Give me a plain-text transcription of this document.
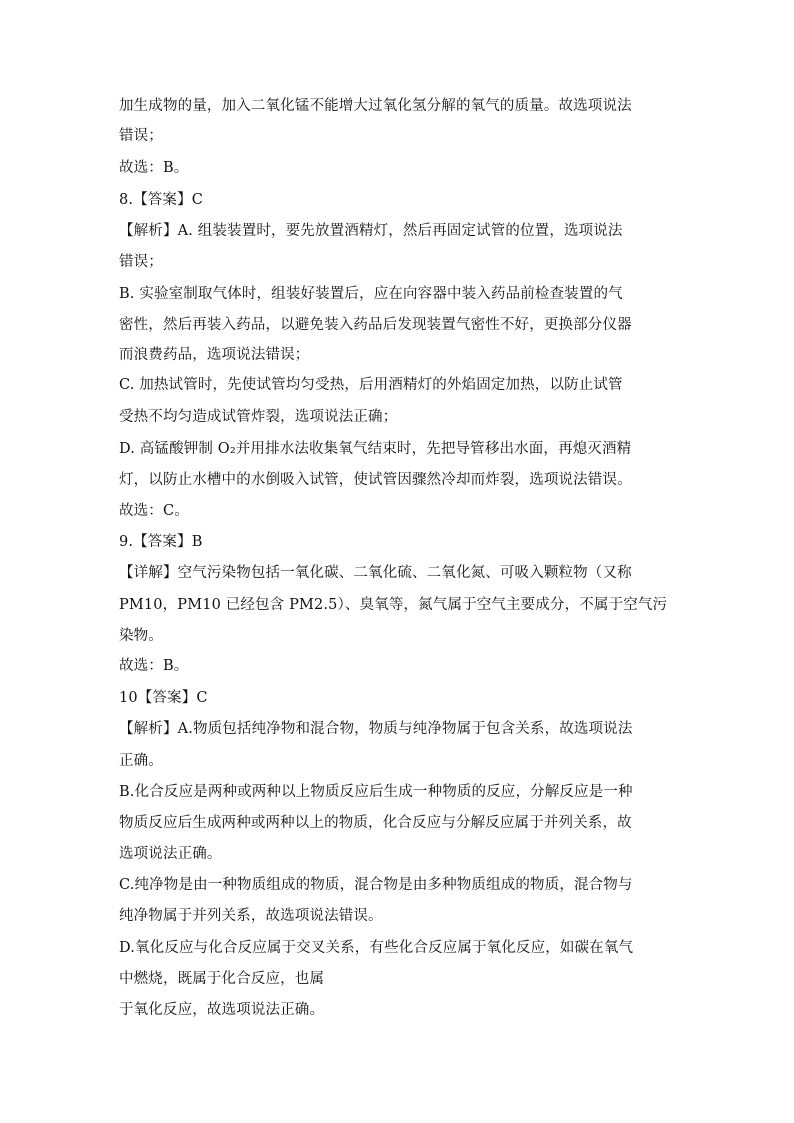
加生成物的量，加入二氧化锰不能增大过氧化氢分解的氧气的质量。故选项说法
错误；
故选：B。
8.【答案】C
【解析】A. 组装装置时，要先放置酒精灯，然后再固定试管的位置，选项说法
错误；
B. 实验室制取气体时，组装好装置后，应在向容器中装入药品前检查装置的气
密性，然后再装入药品，以避免装入药品后发现装置气密性不好，更换部分仪器
而浪费药品，选项说法错误；
C. 加热试管时，先使试管均匀受热，后用酒精灯的外焰固定加热，以防止试管
受热不均匀造成试管炸裂，选项说法正确；
D. 高锰酸钾制 O₂并用排水法收集氧气结束时，先把导管移出水面，再熄灭酒精
灯，以防止水槽中的水倒吸入试管，使试管因骤然冷却而炸裂，选项说法错误。
故选：C。
9.【答案】B
【详解】空气污染物包括一氧化碳、二氧化硫、二氧化氮、可吸入颗粒物（又称
PM10，PM10 已经包含 PM2.5）、臭氧等，氮气属于空气主要成分，不属于空气污
染物。
故选：B。
10【答案】C
【解析】A.物质包括纯净物和混合物，物质与纯净物属于包含关系，故选项说法
正确。
B.化合反应是两种或两种以上物质反应后生成一种物质的反应，分解反应是一种
物质反应后生成两种或两种以上的物质，化合反应与分解反应属于并列关系，故
选项说法正确。
C.纯净物是由一种物质组成的物质，混合物是由多种物质组成的物质，混合物与
纯净物属于并列关系，故选项说法错误。
D.氧化反应与化合反应属于交叉关系，有些化合反应属于氧化反应，如碳在氧气
中燃烧，既属于化合反应，也属
于氧化反应，故选项说法正确。
